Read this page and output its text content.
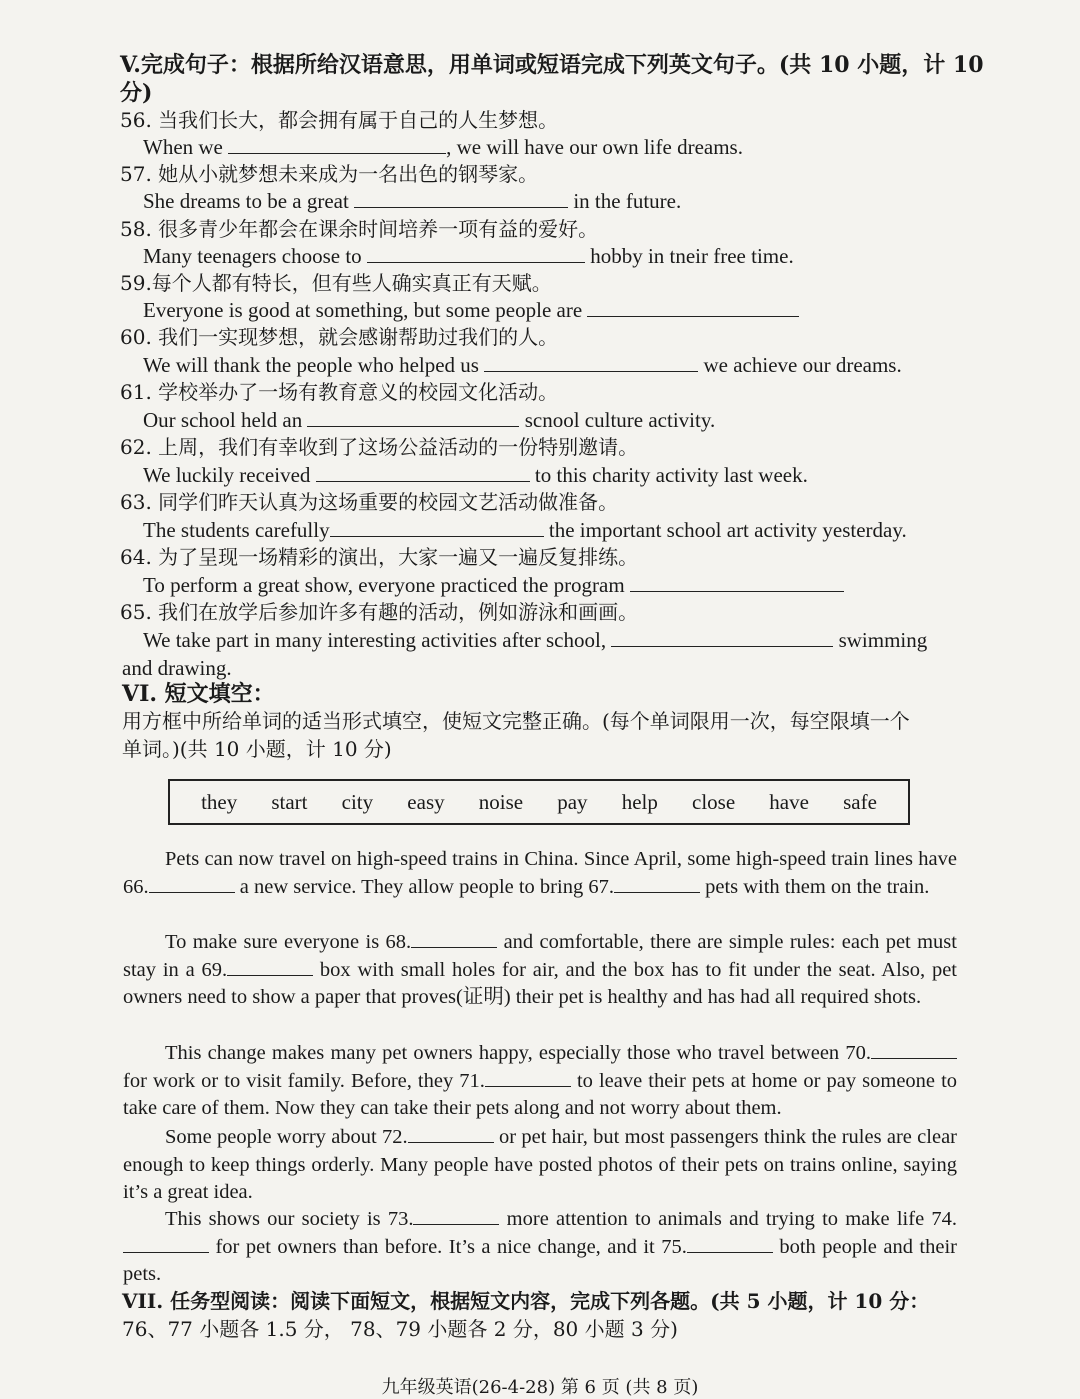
V.完成句子：根据所给汉语意思，用单词或短语完成下列英文句子。(共 10 小题，计 10
分)
56. 当我们长大，都会拥有属于自己的人生梦想。
When we	, we will have our own life dreams.
57. 她从小就梦想未来成为一名出色的钢琴家。
She dreams to be a great	in the future.
58. 很多青少年都会在课余时间培养一项有益的爱好。
Many teenagers choose to	hobby in tneir free time.
59.每个人都有特长，但有些人确实真正有天赋。
Everyone is good at something, but some people are
60. 我们一实现梦想，就会感谢帮助过我们的人。
We will thank the people who helped us	we achieve our dreams.
61. 学校举办了一场有教育意义的校园文化活动。
Our school held an	scnool culture activity.
62. 上周，我们有幸收到了这场公益活动的一份特别邀请。
We luckily received	to this charity activity last week.
63. 同学们昨天认真为这场重要的校园文艺活动做准备。
The students carefully	the important school art activity yesterday.
64. 为了呈现一场精彩的演出，大家一遍又一遍反复排练。
To perform a great show, everyone practiced the program
65. 我们在放学后参加许多有趣的活动，例如游泳和画画。
We take part in many interesting activities after school,	swimming
and drawing.
VI. 短文填空：
用方框中所给单词的适当形式填空，使短文完整正确。(每个单词限用一次，每空限填一个
单词。)(共 10 小题，计 10 分)
they start city easy noise pay help close have safe
Pets can now travel on high-speed trains in China. Since April, some high-speed train lines have 66.	a new service. They allow people to bring 67.	pets with them on the train.
To make sure everyone is 68.	and comfortable, there are simple rules: each pet must stay in a 69.	box with small holes for air, and the box has to fit under the seat. Also, pet owners need to show a paper that proves(证明) their pet is healthy and has had all required shots.
This change makes many pet owners happy, especially those who travel between 70. for work or to visit family. Before, they 71.	to leave their pets at home or pay someone to take care of them. Now they can take their pets along and not worry about them.
Some people worry about 72.	or pet hair, but most passengers think the rules are clear enough to keep things orderly. Many people have posted photos of their pets on trains online, saying it’s a great idea.
This shows our society is 73.	more attention to animals and trying to make life 74. for pet owners than before. It’s a nice change, and it 75.	both people and their pets.
VII. 任务型阅读：阅读下面短文，根据短文内容，完成下列各题。(共 5 小题，计 10 分：
76、77 小题各 1.5 分， 78、79 小题各 2 分，80 小题 3 分)
九年级英语(26-4-28) 第 6 页 (共 8 页)
